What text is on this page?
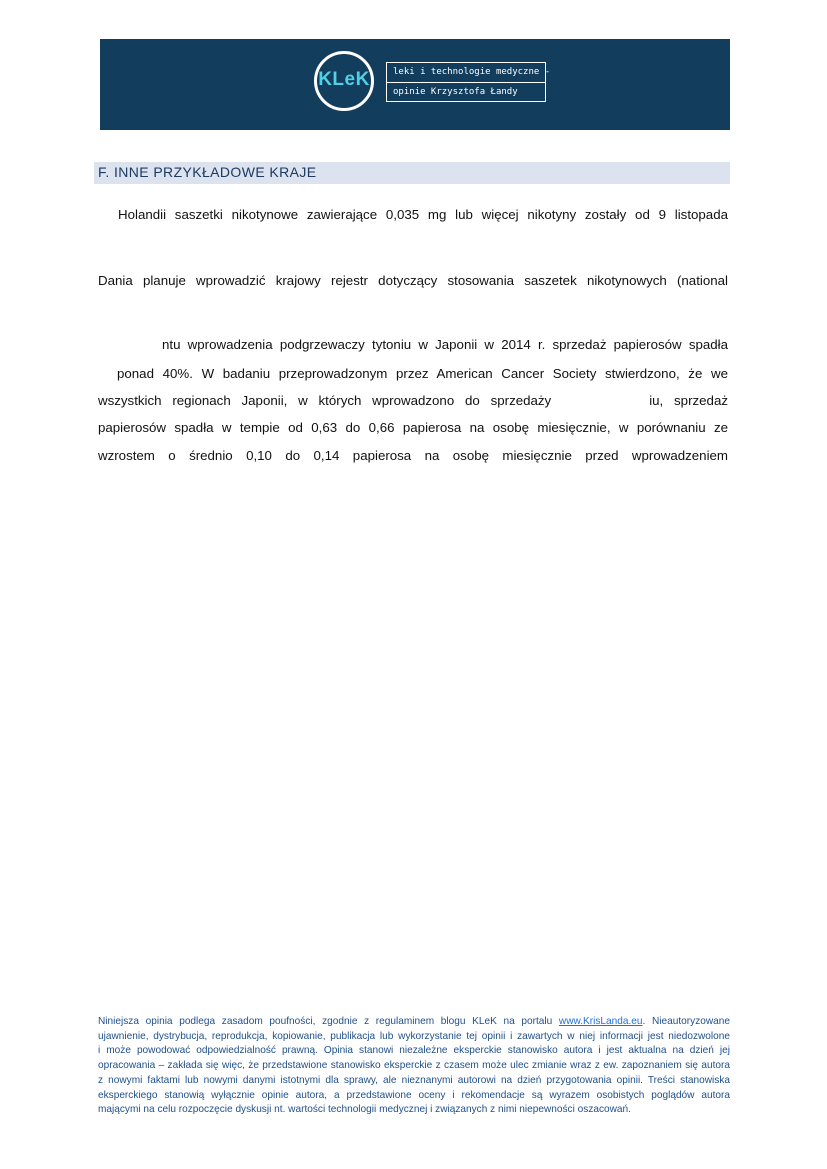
KLeK	leki i technologie medyczne -
opinie Krzysztofa Łandy
F. INNE PRZYKŁADOWE KRAJE
Holandii saszetki nikotynowe zawierające 0,035 mg lub więcej nikotyny zostały od 9 listopada
Dania planuje wprowadzić krajowy rejestr dotyczący stosowania saszetek nikotynowych (national
ntu wprowadzenia podgrzewaczy tytoniu w Japonii w 2014 r. sprzedaż papierosów spadła
ponad 40%. W badaniu przeprowadzonym przez American Cancer Society stwierdzono, że we
wszystkich regionach Japonii, w których wprowadzono do sprzedaży	iu, sprzedaż
papierosów spadła w tempie od 0,63 do 0,66 papierosa na osobę miesięcznie, w porównaniu ze
wzrostem o średnio 0,10 do 0,14 papierosa na osobę miesięcznie przed wprowadzeniem
Niniejsza opinia podlega zasadom poufności, zgodnie z regulaminem blogu KLeK na portalu www.KrisLanda.eu. Nieautoryzowane
ujawnienie, dystrybucja, reprodukcja, kopiowanie, publikacja lub wykorzystanie tej opinii i zawartych w niej informacji jest niedozwolone
i może powodować odpowiedzialność prawną. Opinia stanowi niezależne eksperckie stanowisko autora i jest aktualna na dzień jej
opracowania – zakłada się więc, że przedstawione stanowisko eksperckie z czasem może ulec zmianie wraz z ew. zapoznaniem się autora
z nowymi faktami lub nowymi danymi istotnymi dla sprawy, ale nieznanymi autorowi na dzień przygotowania opinii. Treści stanowiska
eksperckiego stanowią wyłącznie opinie autora, a przedstawione oceny i rekomendacje są wyrazem osobistych poglądów autora
mającymi na celu rozpoczęcie dyskusji nt. wartości technologii medycznej i związanych z nimi niepewności oszacowań.
